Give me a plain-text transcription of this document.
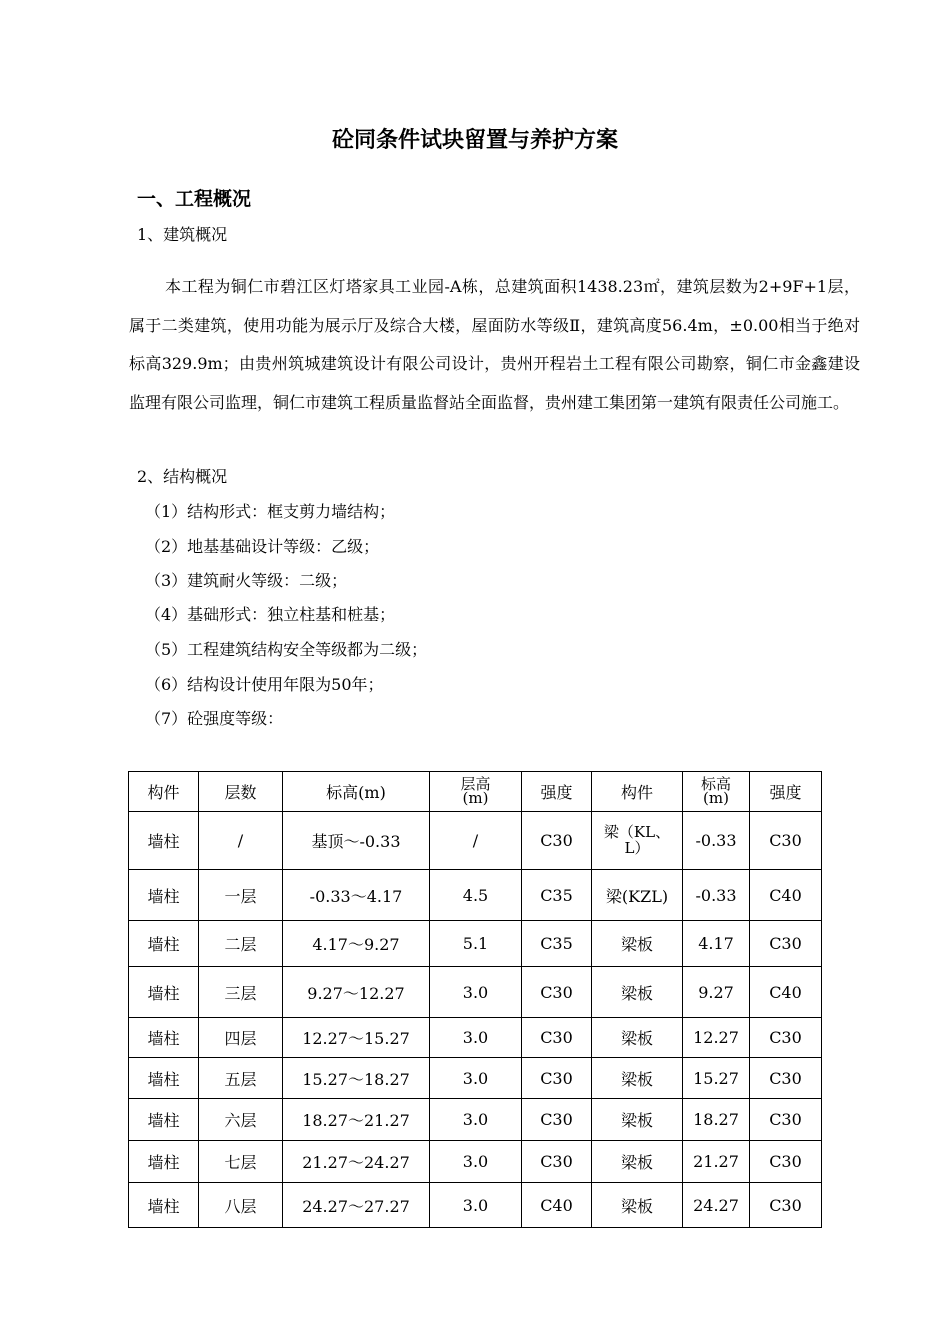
砼同条件试块留置与养护方案
一、工程概况
1、建筑概况
本工程为铜仁市碧江区灯塔家具工业园-A栋，总建筑面积1438.23㎡，建筑层数为2+9F+1层，属于二类建筑，使用功能为展示厅及综合大楼，屋面防水等级Ⅱ，建筑高度56.4m，±0.00相当于绝对标高329.9m；由贵州筑城建筑设计有限公司设计，贵州开程岩土工程有限公司勘察，铜仁市金鑫建设监理有限公司监理，铜仁市建筑工程质量监督站全面监督，贵州建工集团第一建筑有限责任公司施工。
2、结构概况
（1）结构形式：框支剪力墙结构；
（2）地基基础设计等级：乙级；
（3）建筑耐火等级：二级；
（4）基础形式：独立柱基和桩基；
（5）工程建筑结构安全等级都为二级；
（6）结构设计使用年限为50年；
（7）砼强度等级：
构件	层数	标高(m)	层高(m)	强度	构件	标高(m)	强度
墙柱	/	基顶～-0.33	/	C30	梁（KL、L）	-0.33	C30
墙柱	一层	-0.33～4.17	4.5	C35	梁(KZL)	-0.33	C40
墙柱	二层	4.17～9.27	5.1	C35	梁板	4.17	C30
墙柱	三层	9.27～12.27	3.0	C30	梁板	9.27	C40
墙柱	四层	12.27～15.27	3.0	C30	梁板	12.27	C30
墙柱	五层	15.27～18.27	3.0	C30	梁板	15.27	C30
墙柱	六层	18.27～21.27	3.0	C30	梁板	18.27	C30
墙柱	七层	21.27～24.27	3.0	C30	梁板	21.27	C30
墙柱	八层	24.27～27.27	3.0	C40	梁板	24.27	C30
